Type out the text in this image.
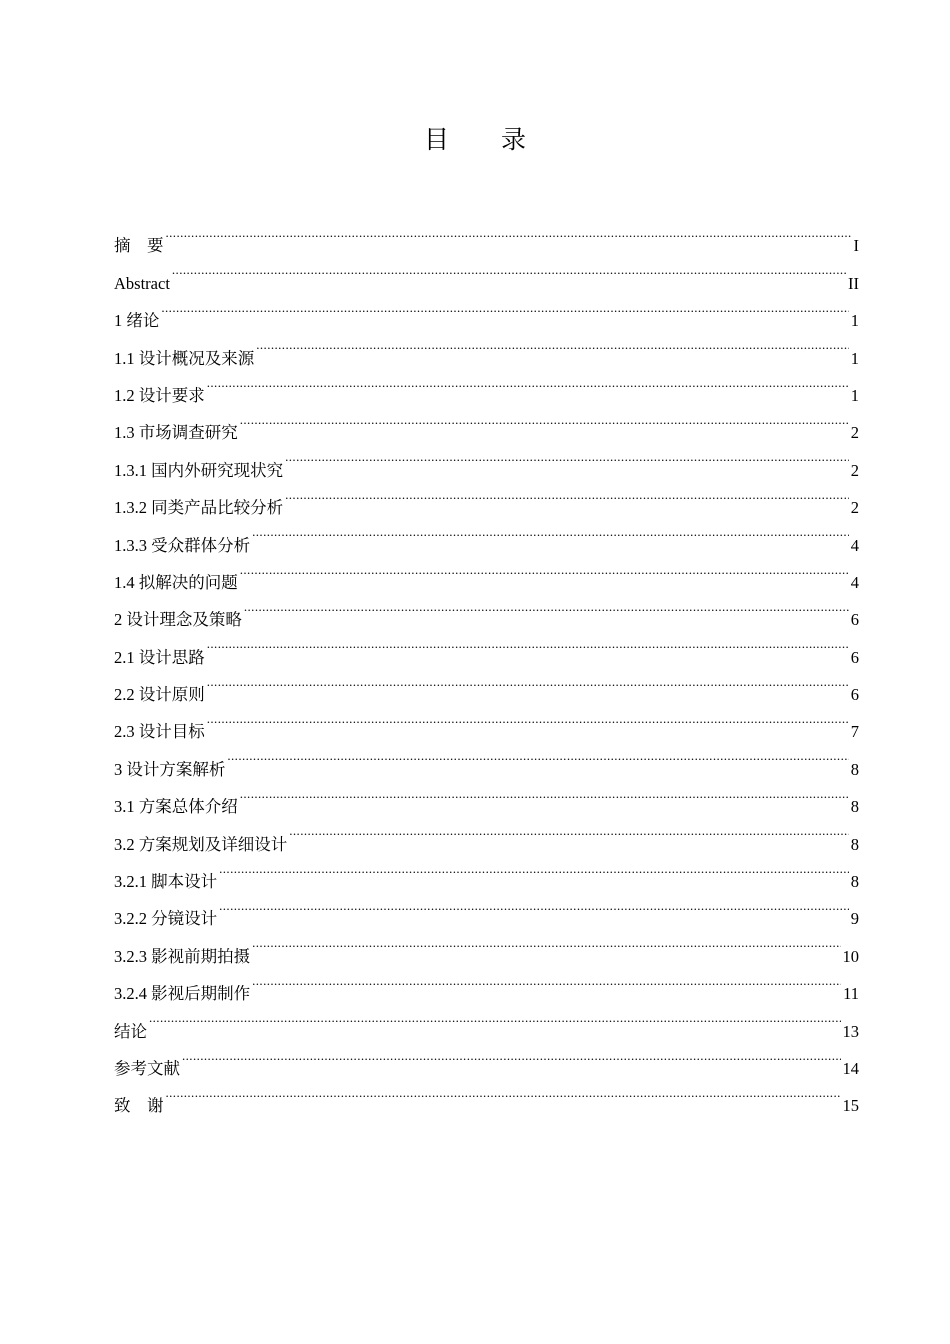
目 录
摘　要 .....	I
Abstract .....	II
1 绪论 .....	1
1.1 设计概况及来源 .....	1
1.2 设计要求 .....	1
1.3 市场调查研究 .....	2
1.3.1 国内外研究现状究 .....	2
1.3.2 同类产品比较分析 .....	2
1.3.3 受众群体分析 .....	4
1.4 拟解决的问题 .....	4
2 设计理念及策略 .....	6
2.1 设计思路 .....	6
2.2 设计原则 .....	6
2.3 设计目标 .....	7
3 设计方案解析 .....	8
3.1 方案总体介绍 .....	8
3.2 方案规划及详细设计 .....	8
3.2.1 脚本设计 .....	8
3.2.2 分镜设计 .....	9
3.2.3 影视前期拍摄 .....	10
3.2.4 影视后期制作 .....	11
结论 .....	13
参考文献 .....	14
致　谢 .....	15
